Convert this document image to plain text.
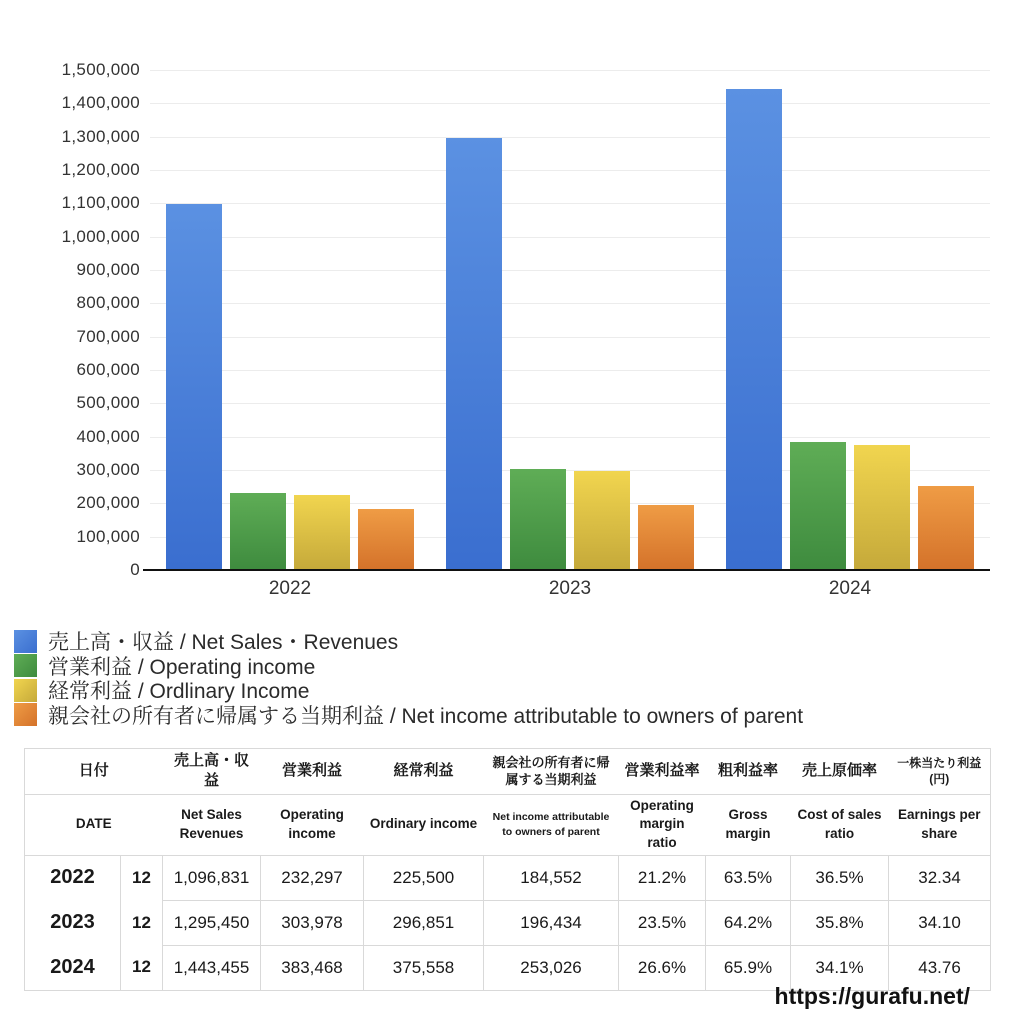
0
100,000
200,000
300,000
400,000
500,000
600,000
700,000
800,000
900,000
1,000,000
1,100,000
1,200,000
1,300,000
1,400,000
1,500,000
2022	2023	2024
売上高・収益 / Net Sales・Revenues
営業利益 / Operating income
経常利益 / Ordlinary Income
親会社の所有者に帰属する当期利益 / Net income attributable to owners of parent
日付		売上高・収益	営業利益	経常利益	親会社の所有者に帰属する当期利益	営業利益率	粗利益率	売上原価率	一株当たり利益(円)
DATE		Net Sales Revenues	Operating income	Ordinary income	Net income attributable to owners of parent	Operating margin ratio	Gross margin	Cost of sales ratio	Earnings per share
2022	12	1,096,831	232,297	225,500	184,552	21.2%	63.5%	36.5%	32.34
2023	12	1,295,450	303,978	296,851	196,434	23.5%	64.2%	35.8%	34.10
2024	12	1,443,455	383,468	375,558	253,026	26.6%	65.9%	34.1%	43.76
https://gurafu.net/
